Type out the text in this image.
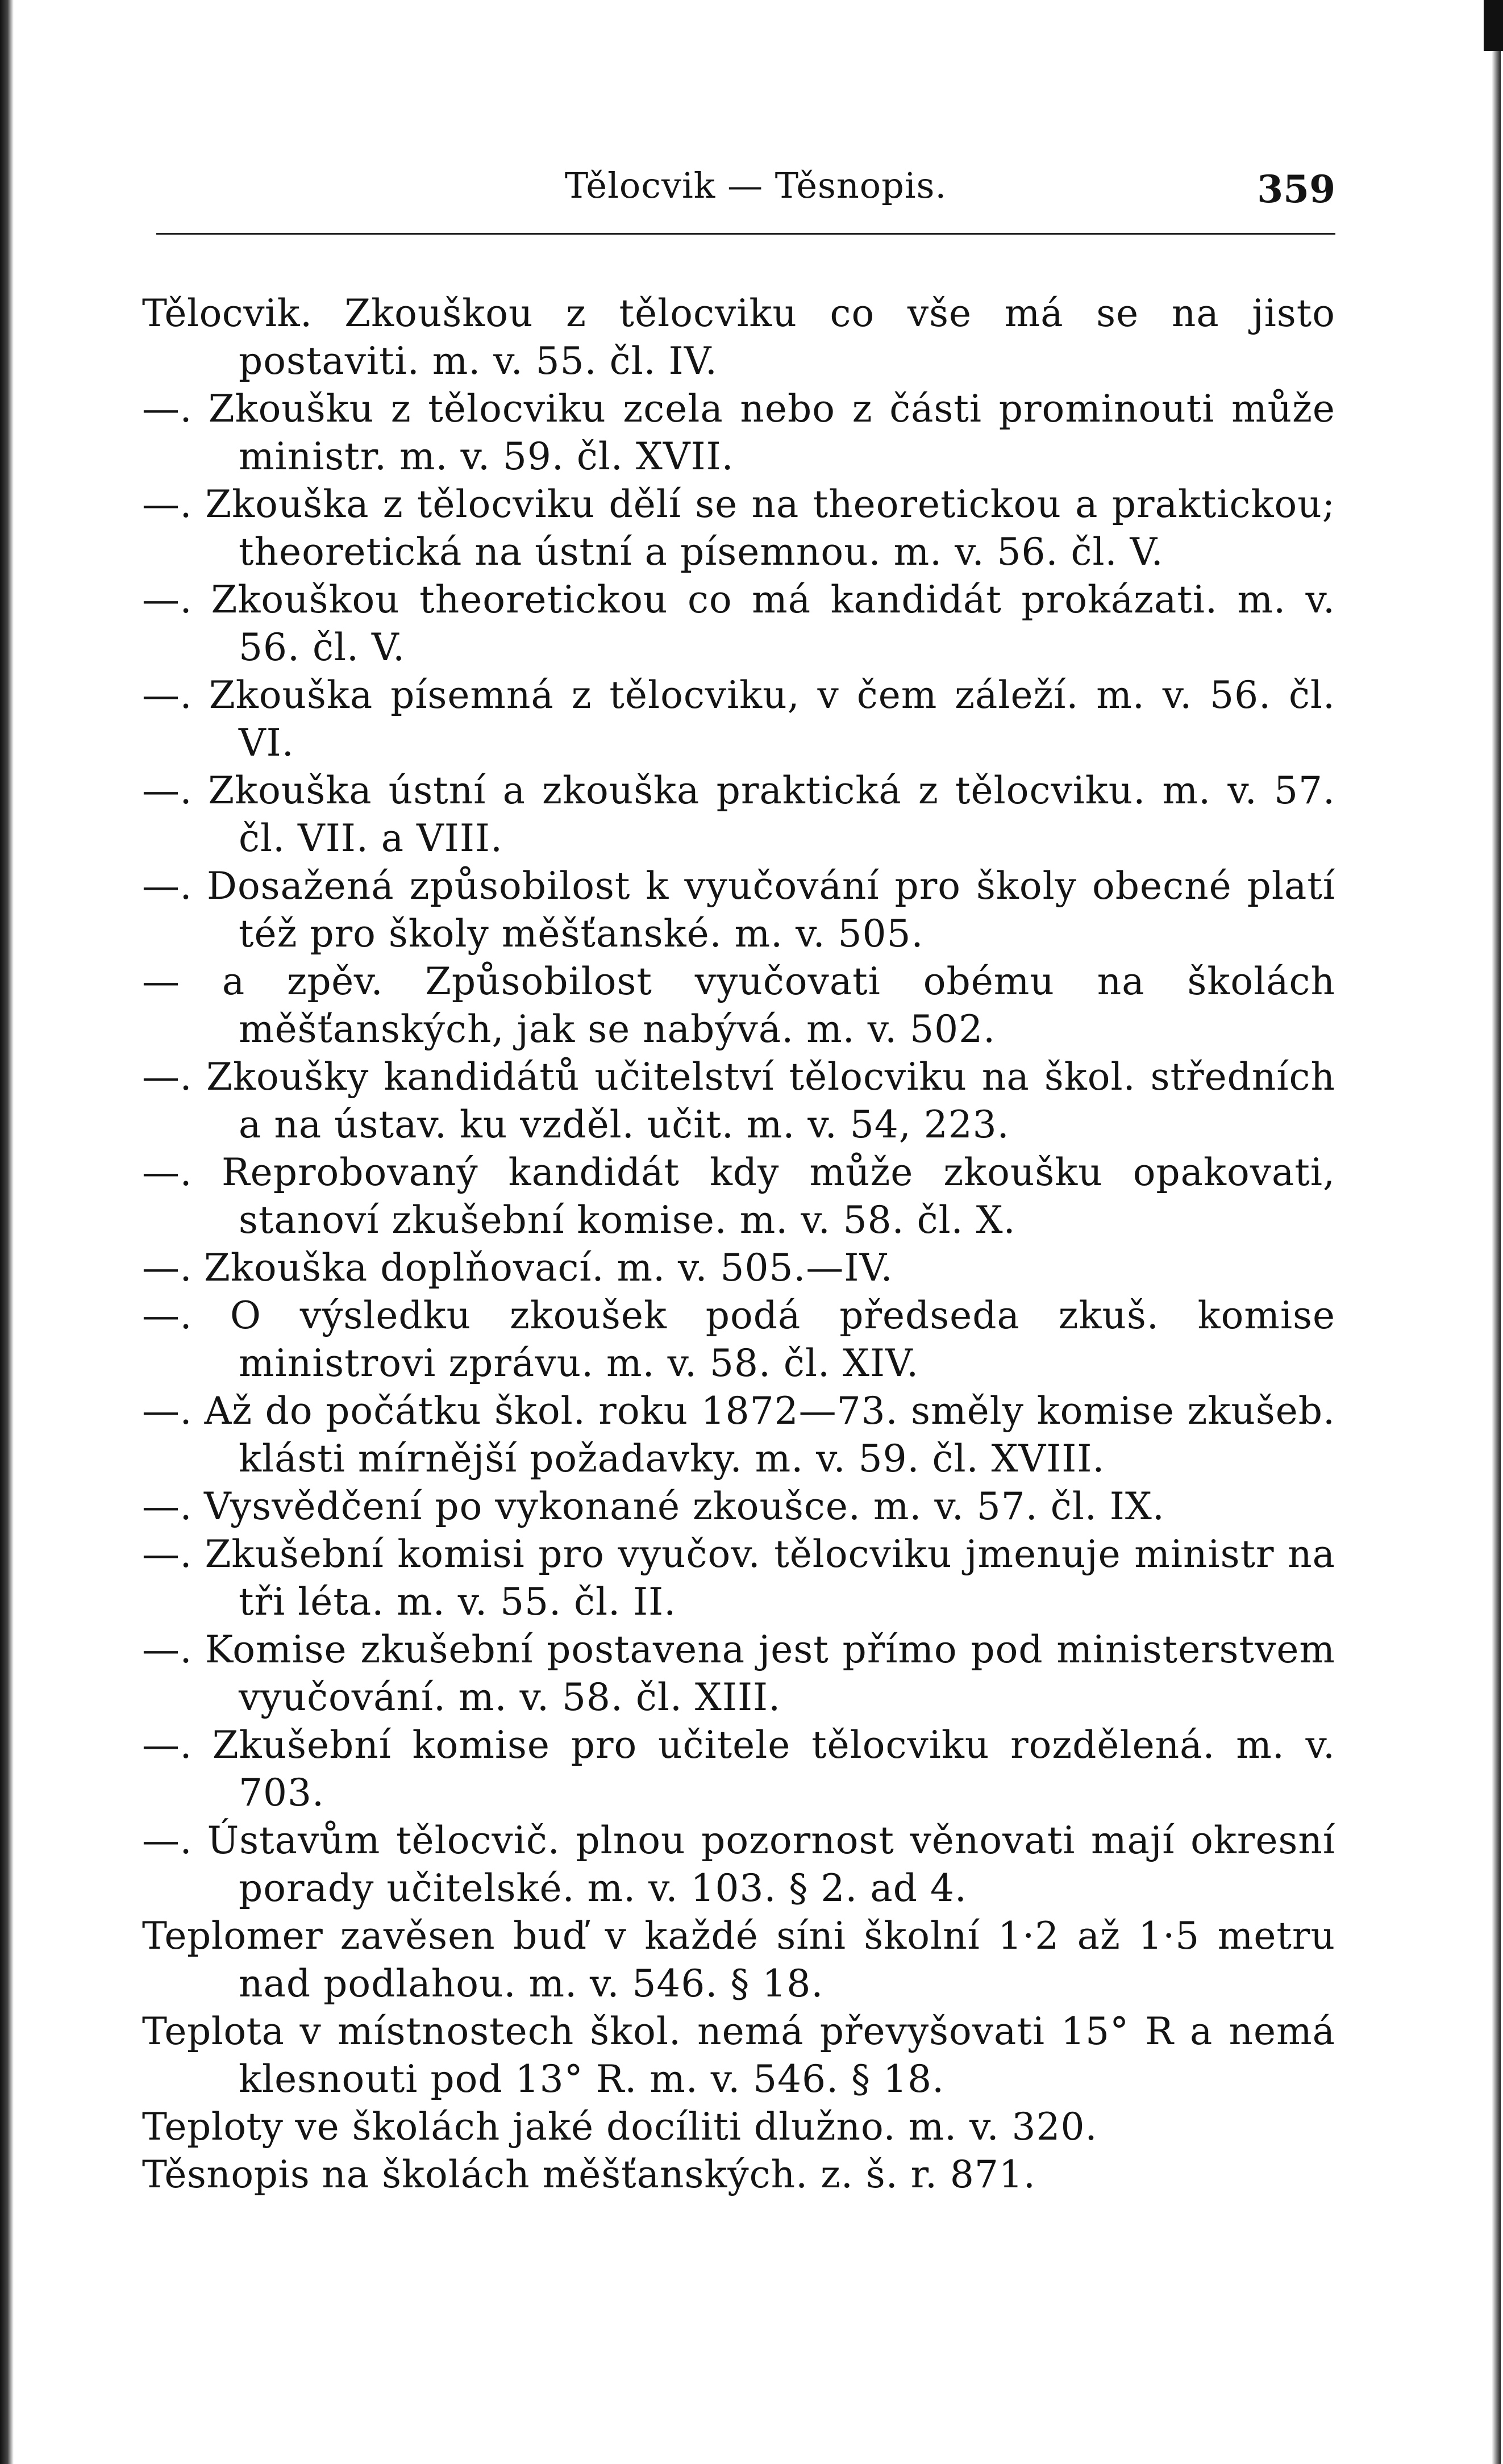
Tělocvik — Těsnopis.	359
Tělocvik. Zkouškou z tělocviku co vše má se na jisto postaviti. m. v. 55. čl. IV.
—. Zkoušku z tělocviku zcela nebo z části prominouti může ministr. m. v. 59. čl. XVII.
—. Zkouška z tělocviku dělí se na theoretickou a praktickou; theoretická na ústní a písemnou. m. v. 56. čl. V.
—. Zkouškou theoretickou co má kandidát prokázati. m. v. 56. čl. V.
—. Zkouška písemná z tělocviku, v čem záleží. m. v. 56. čl. VI.
—. Zkouška ústní a zkouška praktická z tělocviku. m. v. 57. čl. VII. a VIII.
—. Dosažená způsobilost k vyučování pro školy obecné platí též pro školy měšťanské. m. v. 505.
— a zpěv. Způsobilost vyučovati obému na školách měšťanských, jak se nabývá. m. v. 502.
—. Zkoušky kandidátů učitelství tělocviku na škol. středních a na ústav. ku vzděl. učit. m. v. 54, 223.
—. Reprobovaný kandidát kdy může zkoušku opakovati, stanoví zkušební komise. m. v. 58. čl. X.
—. Zkouška doplňovací. m. v. 505.—IV.
—. O výsledku zkoušek podá předseda zkuš. komise ministrovi zprávu. m. v. 58. čl. XIV.
—. Až do počátku škol. roku 1872—73. směly komise zkušeb. klásti mírnější požadavky. m. v. 59. čl. XVIII.
—. Vysvědčení po vykonané zkoušce. m. v. 57. čl. IX.
—. Zkušební komisi pro vyučov. tělocviku jmenuje ministr na tři léta. m. v. 55. čl. II.
—. Komise zkušební postavena jest přímo pod ministerstvem vyučování. m. v. 58. čl. XIII.
—. Zkušební komise pro učitele tělocviku rozdělená. m. v. 703.
—. Ústavům tělocvič. plnou pozornost věnovati mají okresní porady učitelské. m. v. 103. § 2. ad 4.
Teplomer zavěsen buď v každé síni školní 1·2 až 1·5 metru nad podlahou. m. v. 546. § 18.
Teplota v místnostech škol. nemá převyšovati 15° R a nemá klesnouti pod 13° R. m. v. 546. § 18.
Teploty ve školách jaké docíliti dlužno. m. v. 320.
Těsnopis na školách měšťanských. z. š. r. 871.
